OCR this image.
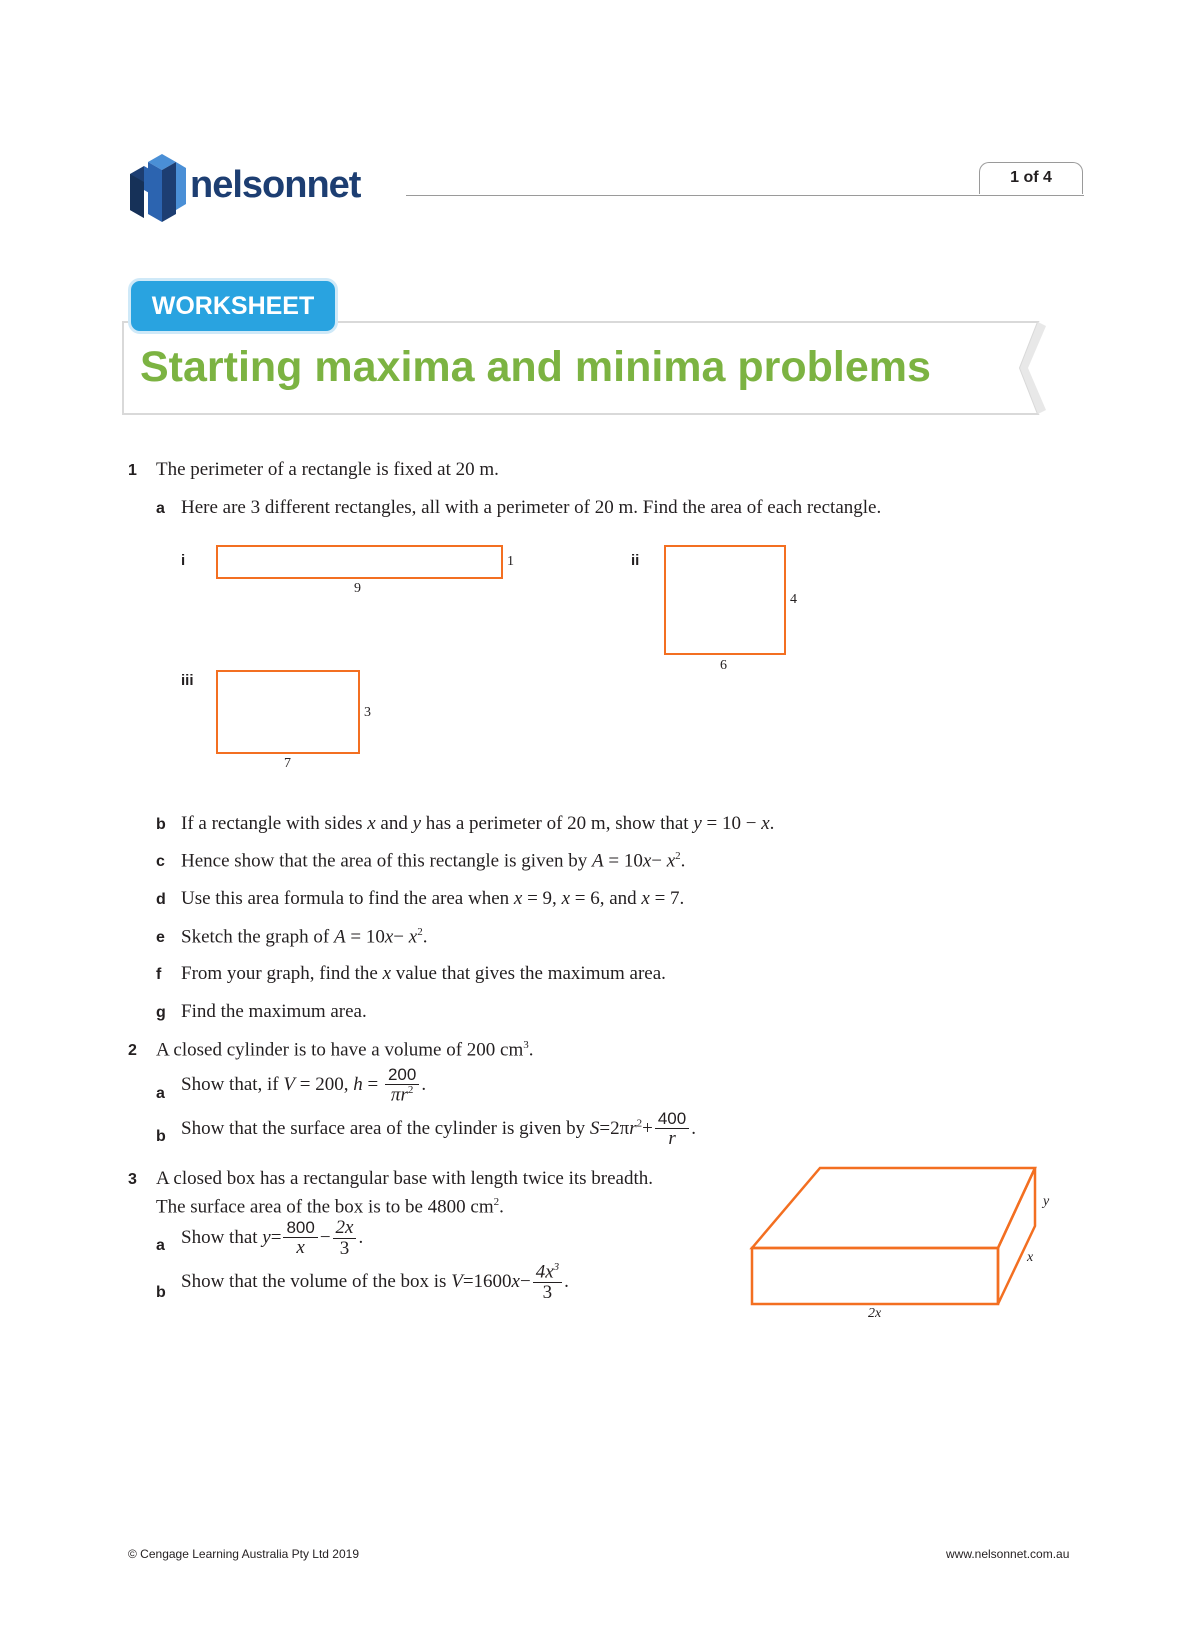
nelsonnet	1 of 4
WORKSHEET
Starting maxima and minima problems
1 The perimeter of a rectangle is fixed at 20 m.
a Here are 3 different rectangles, all with a perimeter of 20 m. Find the area of each rectangle.
i
9
1	ii
6
4
iii
7
3
b If a rectangle with sides x and y has a perimeter of 20 m, show that y = 10 − x.
c Hence show that the area of this rectangle is given by $A = 10x- x^2$.
d Use this area formula to find the area when x = 9, x = 6, and x = 7.
e Sketch the graph of $A = 10x- x^2$.
f From your graph, find the x value that gives the maximum area.
g Find the maximum area.
2 A closed cylinder is to have a volume of 200 $cm^3$.
a Show that, if V = 200, $h = \frac{200}{\pi r^2}$ .
b Show that the surface area of the cylinder is given by $S=2\pi r^2+ \frac{400}{r}$ .
3 A closed box has a rectangular base with length twice its breadth.
The surface area of the box is to be 4800 $cm^2$.
a Show that $y= \frac{800}{x} - \frac{2x}{3}$ .
b
Show that the volume of the box is $V=1600x- \frac{4x^3}{3}$ .
y
x
2x
© Cengage Learning Australia Pty Ltd 2019	www.nelsonnet.com.au
